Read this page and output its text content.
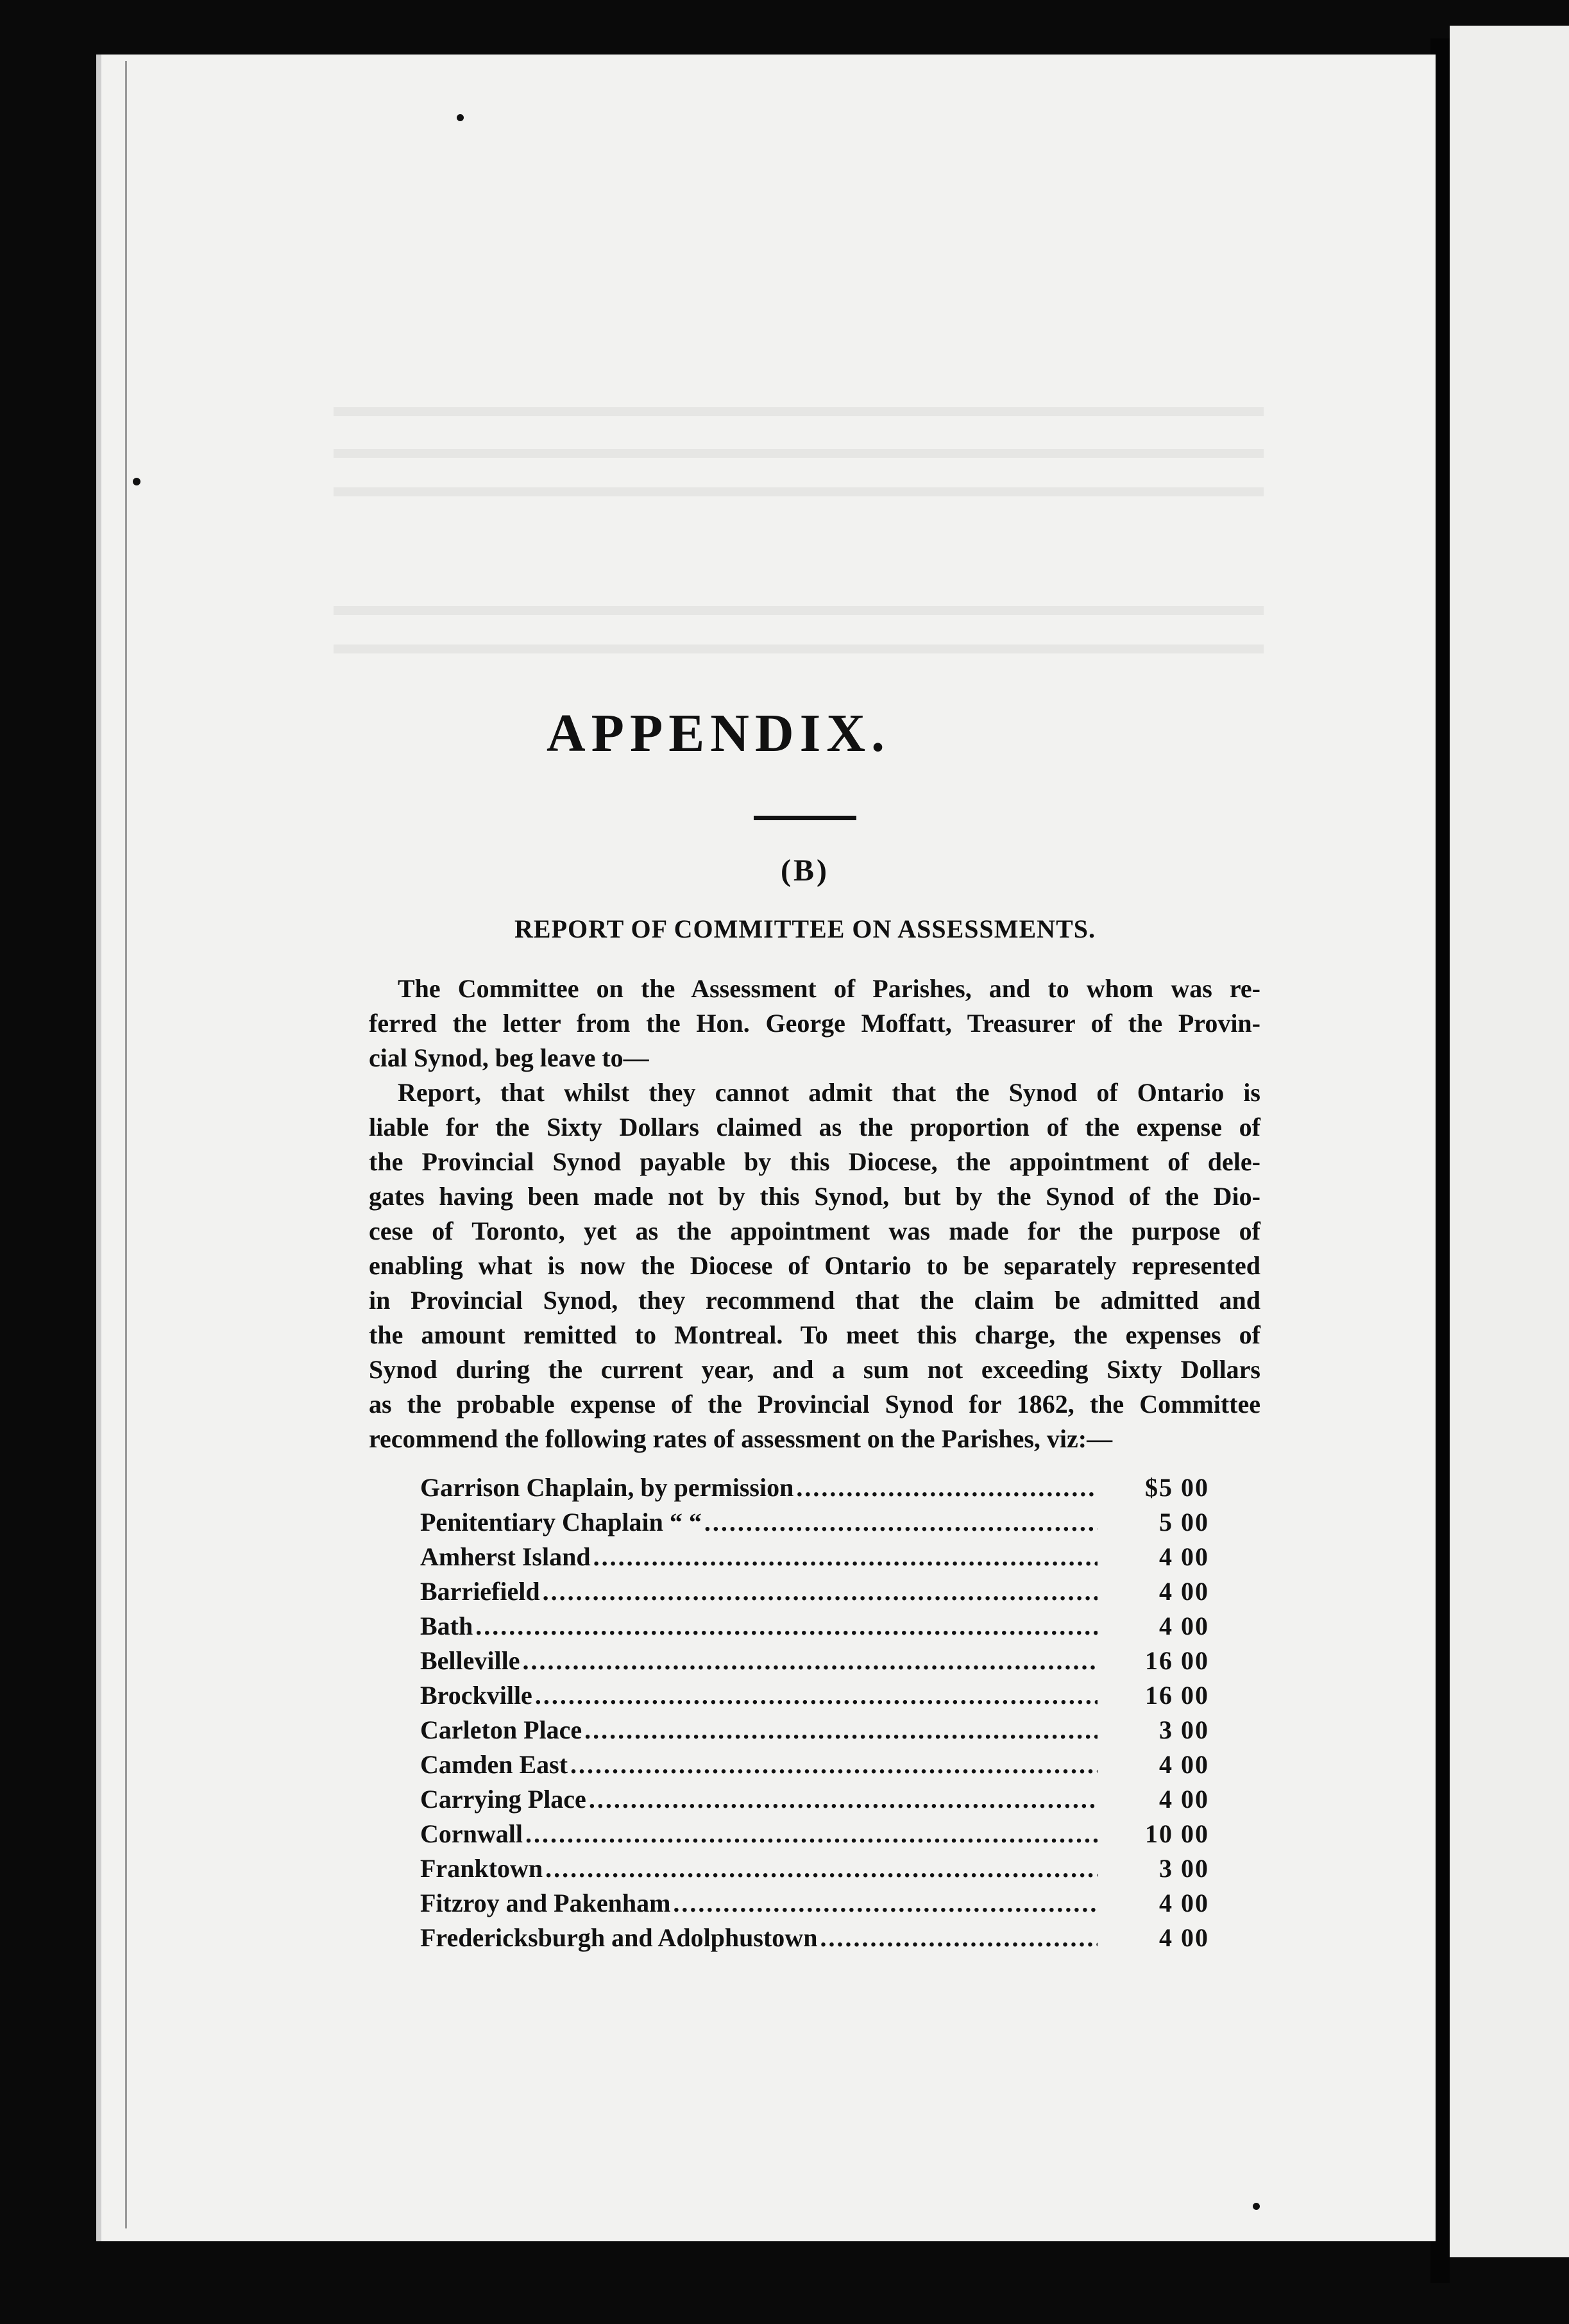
APPENDIX.
(B)
REPORT OF COMMITTEE ON ASSESSMENTS.
The Committee on the Assessment of Parishes, and to whom was re-
ferred the letter from the Hon. George Moffatt, Treasurer of the Provin-
cial Synod, beg leave to—
Report, that whilst they cannot admit that the Synod of Ontario is
liable for the Sixty Dollars claimed as the proportion of the expense of
the Provincial Synod payable by this Diocese, the appointment of dele-
gates having been made not by this Synod, but by the Synod of the Dio-
cese of Toronto, yet as the appointment was made for the purpose of
enabling what is now the Diocese of Ontario to be separately represented
in Provincial Synod, they recommend that the claim be admitted and
the amount remitted to Montreal. To meet this charge, the expenses of
Synod during the current year, and a sum not exceeding Sixty Dollars
as the probable expense of the Provincial Synod for 1862, the Committee
recommend the following rates of assessment on the Parishes, viz:—
Garrison Chaplain, by permission .....	$5 00
Penitentiary Chaplain “ “ .....	5 00
Amherst Island .....	4 00
Barriefield .....	4 00
Bath .....	4 00
Belleville .....	16 00
Brockville .....	16 00
Carleton Place .....	3 00
Camden East .....	4 00
Carrying Place .....	4 00
Cornwall .....	10 00
Franktown .....	3 00
Fitzroy and Pakenham .....	4 00
Fredericksburgh and Adolphustown .....	4 00
